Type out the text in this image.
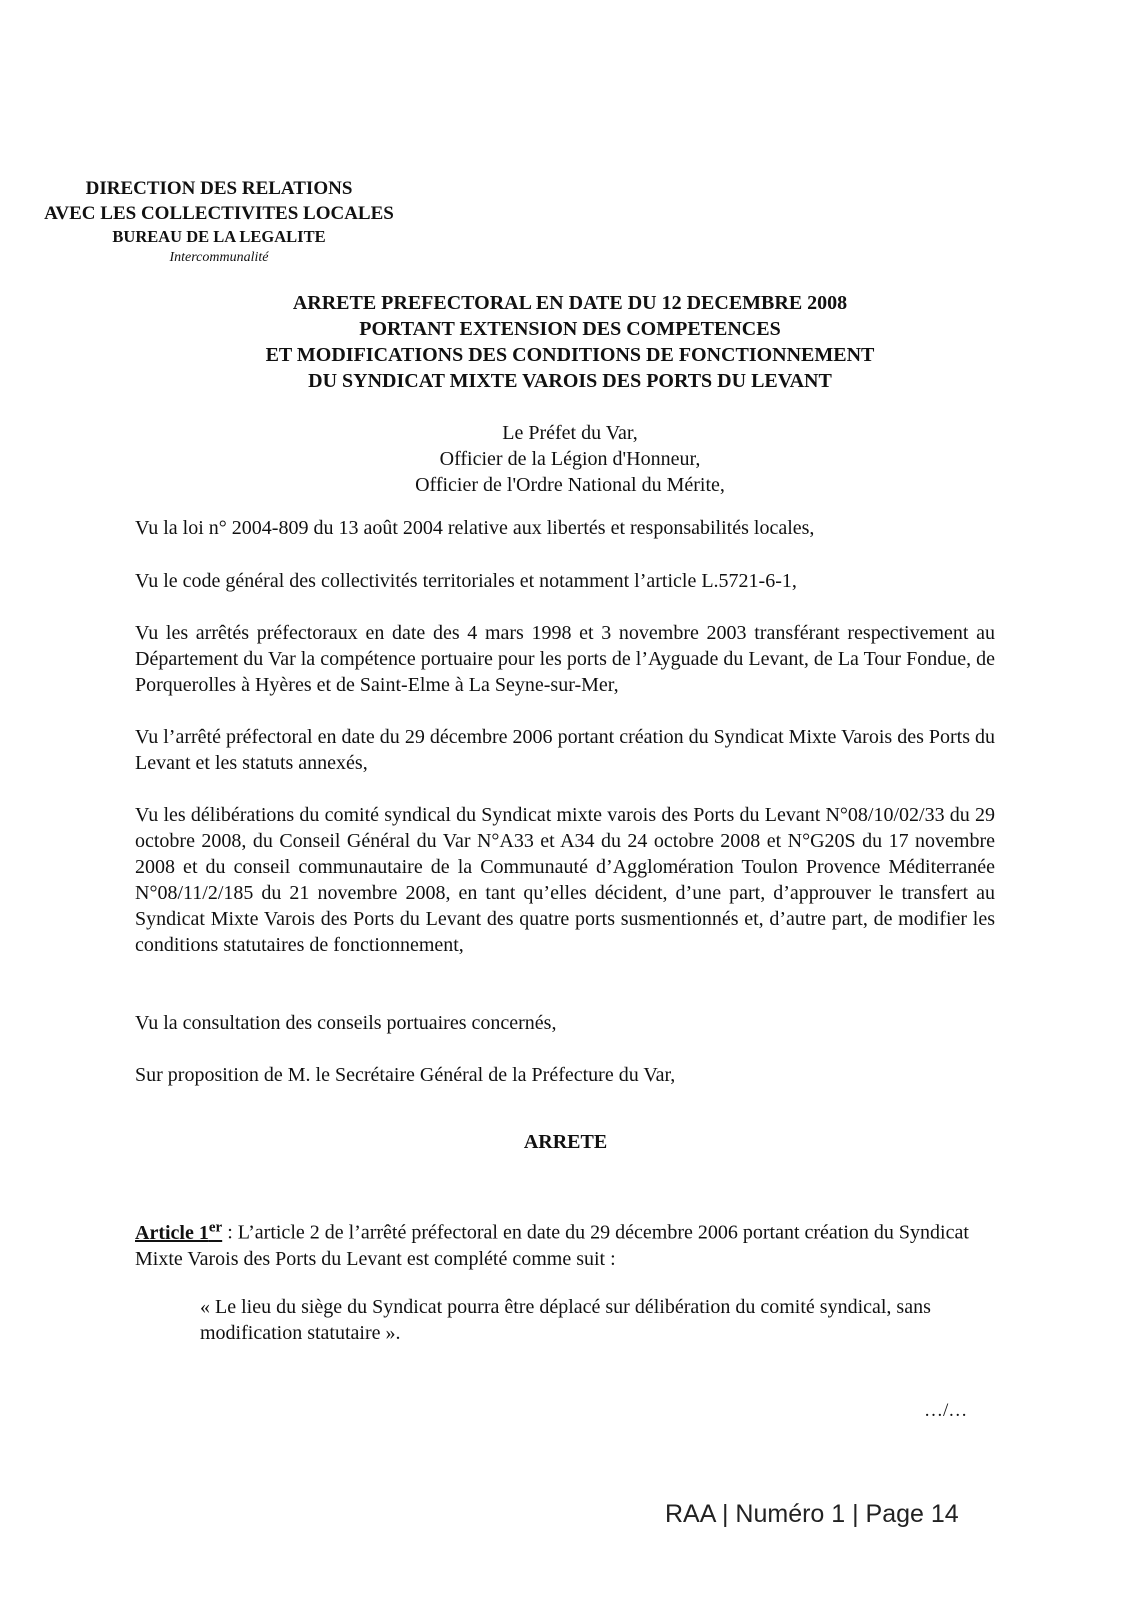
DIRECTION DES RELATIONS
AVEC LES COLLECTIVITES LOCALES
BUREAU DE LA LEGALITE
Intercommunalité
ARRETE PREFECTORAL EN DATE DU 12 DECEMBRE 2008
PORTANT EXTENSION DES COMPETENCES
ET MODIFICATIONS DES CONDITIONS DE FONCTIONNEMENT
DU SYNDICAT MIXTE VAROIS DES PORTS DU LEVANT
Le Préfet du Var,
Officier de la Légion d'Honneur,
Officier de l'Ordre National du Mérite,
Vu la loi n° 2004-809 du 13 août 2004 relative aux libertés et responsabilités locales,
Vu le code général des collectivités territoriales et notamment l’article L.5721-6-1,
Vu les arrêtés préfectoraux en date des 4 mars 1998 et 3 novembre 2003 transférant respectivement au Département du Var la compétence portuaire pour les ports de l’Ayguade du Levant, de La Tour Fondue, de Porquerolles à Hyères et de Saint-Elme à La Seyne-sur-Mer,
Vu l’arrêté préfectoral en date du 29 décembre 2006 portant création du Syndicat Mixte Varois des Ports du Levant et les statuts annexés,
Vu les délibérations du comité syndical du Syndicat mixte varois des Ports du Levant N°08/10/02/33 du 29 octobre 2008, du Conseil Général du Var N°A33 et A34 du 24 octobre 2008 et N°G20S du 17 novembre 2008 et du conseil communautaire de la Communauté d’Agglomération Toulon Provence Méditerranée N°08/11/2/185 du 21 novembre 2008, en tant qu’elles décident, d’une part, d’approuver le transfert au Syndicat Mixte Varois des Ports du Levant des quatre ports susmentionnés et, d’autre part, de modifier les conditions statutaires de fonctionnement,
Vu la consultation des conseils portuaires concernés,
Sur proposition de M. le Secrétaire Général de la Préfecture du Var,
ARRETE
Article 1er : L’article 2 de l’arrêté préfectoral en date du 29 décembre 2006 portant création du Syndicat Mixte Varois des Ports du Levant est complété comme suit :
« Le lieu du siège du Syndicat pourra être déplacé sur délibération du comité syndical, sans modification statutaire ».
…/…
RAA | Numéro 1 | Page 14
